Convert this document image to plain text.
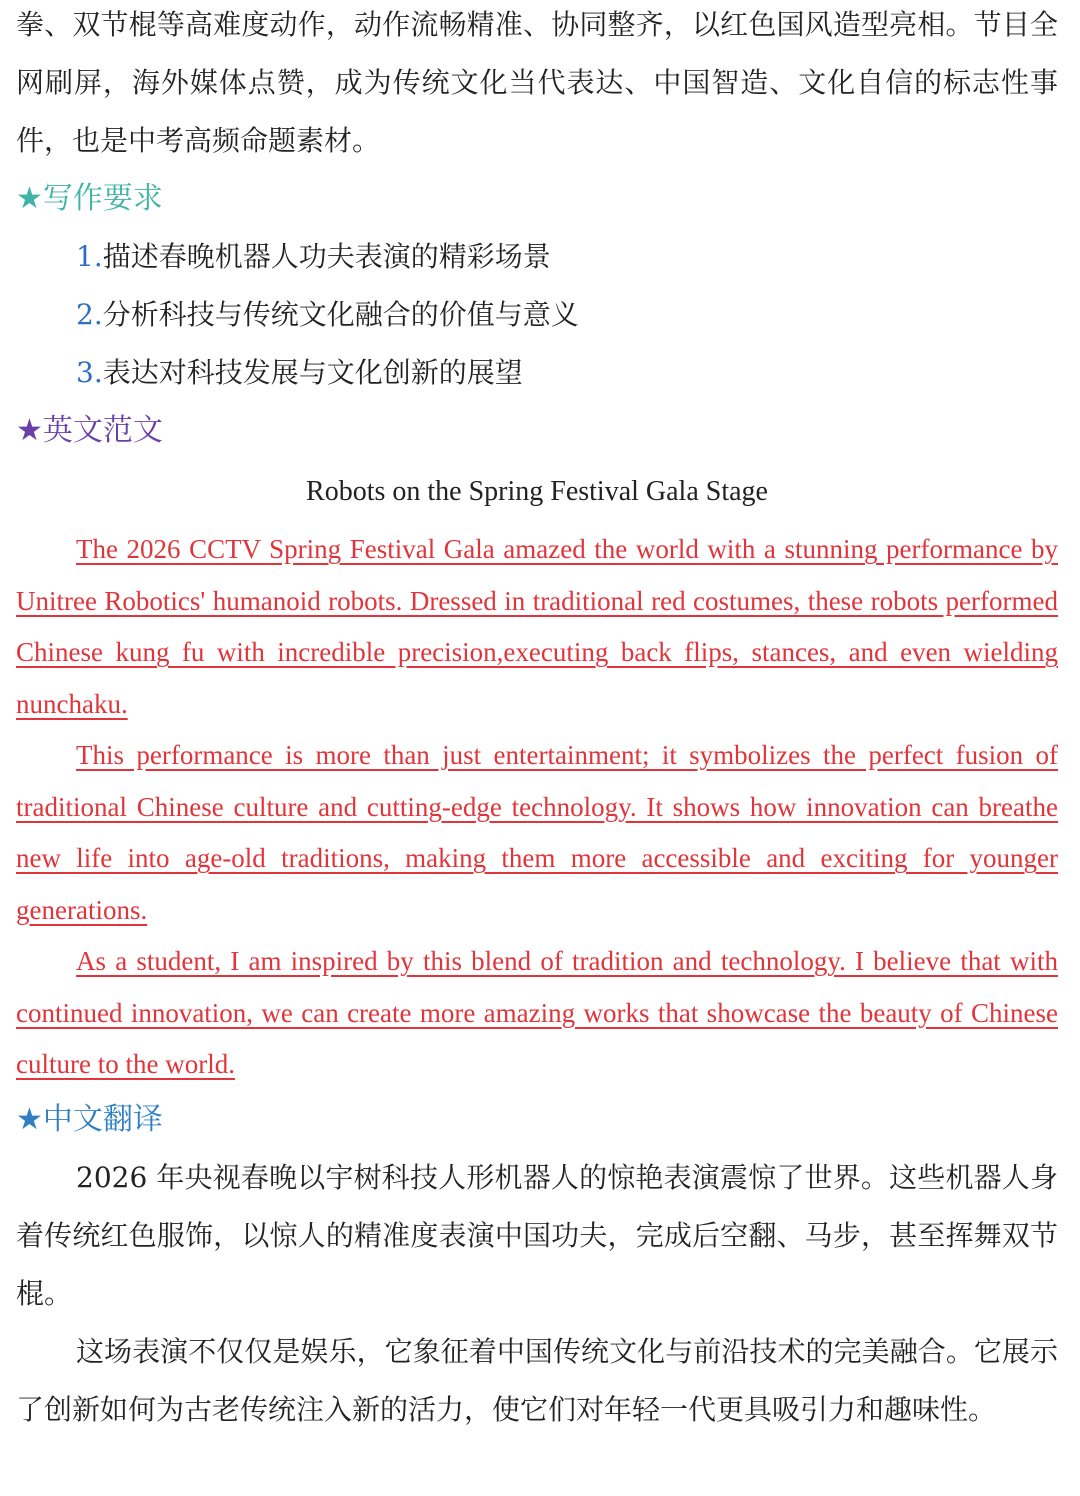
拳、双节棍等高难度动作，动作流畅精准、协同整齐，以红色国风造型亮相。节目全网刷屏，海外媒体点赞，成为传统文化当代表达、中国智造、文化自信的标志性事件，也是中考高频命题素材。

★写作要求

1.描述春晚机器人功夫表演的精彩场景
2.分析科技与传统文化融合的价值与意义
3.表达对科技发展与文化创新的展望

★英文范文

Robots on the Spring Festival Gala Stage

The 2026 CCTV Spring Festival Gala amazed the world with a stunning performance by Unitree Robotics' humanoid robots. Dressed in traditional red costumes, these robots performed Chinese kung fu with incredible precision,executing back flips, stances, and even wielding nunchaku.

This performance is more than just entertainment; it symbolizes the perfect fusion of traditional Chinese culture and cutting-edge technology. It shows how innovation can breathe new life into age-old traditions, making them more accessible and exciting for younger generations.

As a student, I am inspired by this blend of tradition and technology. I believe that with continued innovation, we can create more amazing works that showcase the beauty of Chinese culture to the world.

★中文翻译

2026 年央视春晚以宇树科技人形机器人的惊艳表演震惊了世界。这些机器人身着传统红色服饰，以惊人的精准度表演中国功夫，完成后空翻、马步，甚至挥舞双节棍。

这场表演不仅仅是娱乐，它象征着中国传统文化与前沿技术的完美融合。它展示了创新如何为古老传统注入新的活力，使它们对年轻一代更具吸引力和趣味性。
